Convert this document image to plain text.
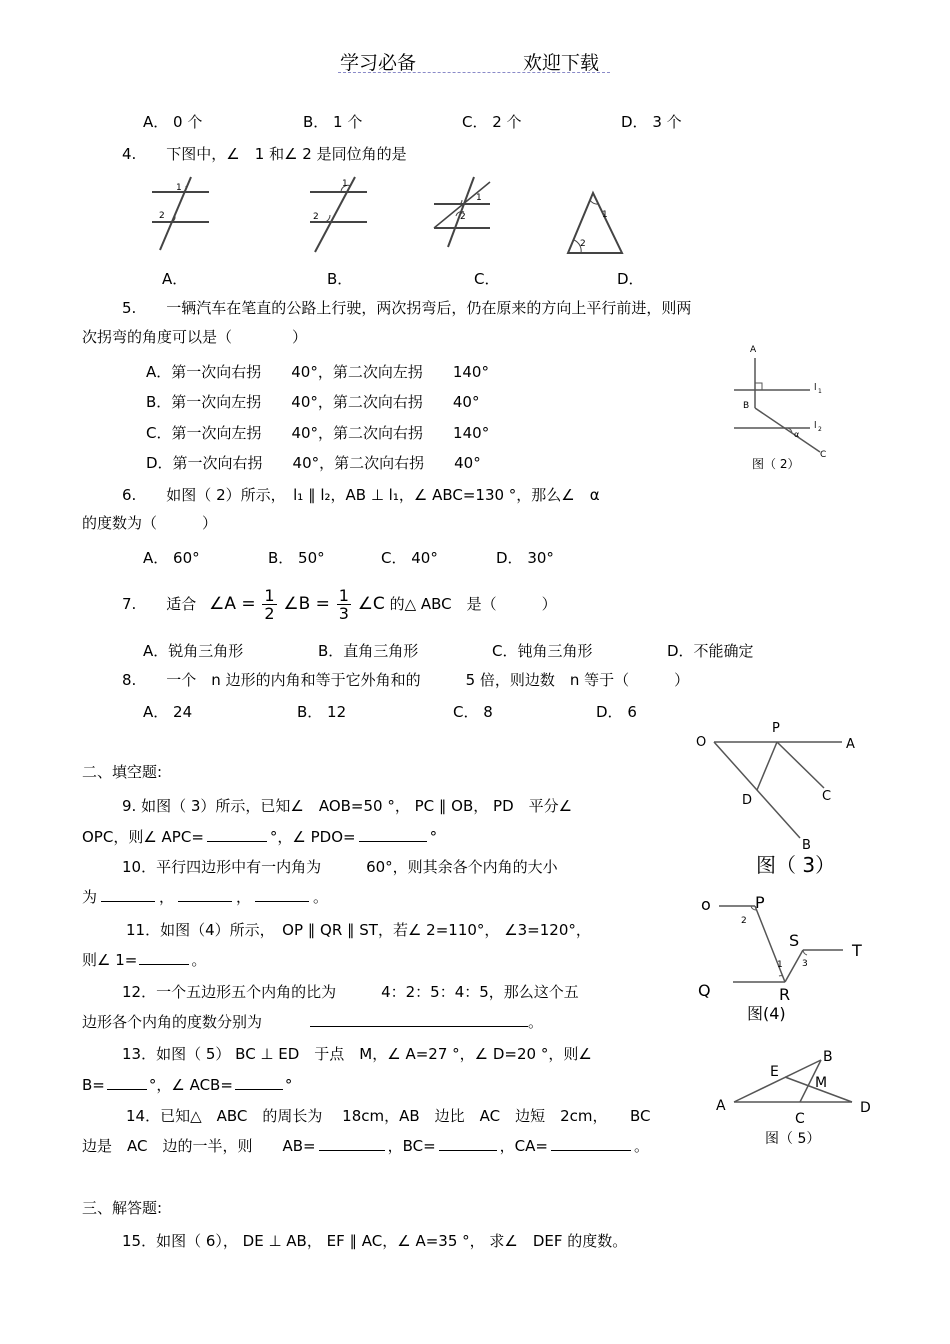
学习必备	欢迎下载
A． 0 个	B． 1 个	C． 2 个	D． 3 个
4.　　下图中，∠　1 和∠ 2 是同位角的是
1
2
1
2
1
2	1
2
A．	B．	C．	D．
5.　　一辆汽车在笔直的公路上行驶，两次拐弯后，仍在原来的方向上平行前进，则两
次拐弯的角度可以是（　　　　）
A．第一次向右拐　　40°，第二次向左拐　　140°
B．第一次向左拐　　40°，第二次向右拐　　40°
C．第一次向左拐　　40°，第二次向右拐　　140°
D．第一次向右拐　　40°，第二次向右拐　　40°
A
l 1
B
l 2
α
C
图（ 2）
6.　　如图（ 2）所示，　l₁ ∥ l₂，AB ⊥ l₁，∠ ABC=130 °，那么∠　α
的度数为（　　　）
A． 60°	B． 50°	C． 40°	D． 30°
7.　　适合 ∠A = $\frac{1}{2}$ ∠B = $\frac{1}{3}$ ∠C 的△ ABC　是（　　　）
A．锐角三角形	B．直角三角形	C．钝角三角形	D．不能确定
8.　　一个　n 边形的内角和等于它外角和的　　　5 倍，则边数　n 等于（　　　）
A． 24	B． 12	C． 8	D． 6
O
P
A
D	C
B
图（ 3）
二、填空题:
9. 如图（ 3）所示，已知∠　AOB=50 °， PC ∥ OB， PD　平分∠
OPC，则∠ APC=	°，∠ PDO=	°
10．平行四边形中有一内角为　　　60°，则其余各个内角的大小
为	，	，	。	o	P
2
S
T
1 3
Q	R
图(4)
11．如图（4）所示，　OP ∥ QR ∥ ST，若∠ 2=110°， ∠3=120°，
则∠ 1=	。
12．一个五边形五个内角的比为　　　4：2：5：4：5，那么这个五
边形各个内角的度数分别为	。
13．如图（ 5） BC ⊥ ED　于点　M，∠ A=27 °，∠ D=20 °，则∠
B=	°，∠ ACB=	°
B
E
M
A
C
D
图（ 5）
14．已知△　ABC　的周长为　 18cm，AB　边比　AC　边短　2cm，　　BC
边是　AC　边的一半，则　　AB=	，BC=	，CA=	。
三、解答题:
15．如图（ 6）， DE ⊥ AB， EF ∥ AC，∠ A=35 °， 求∠　DEF 的度数。
